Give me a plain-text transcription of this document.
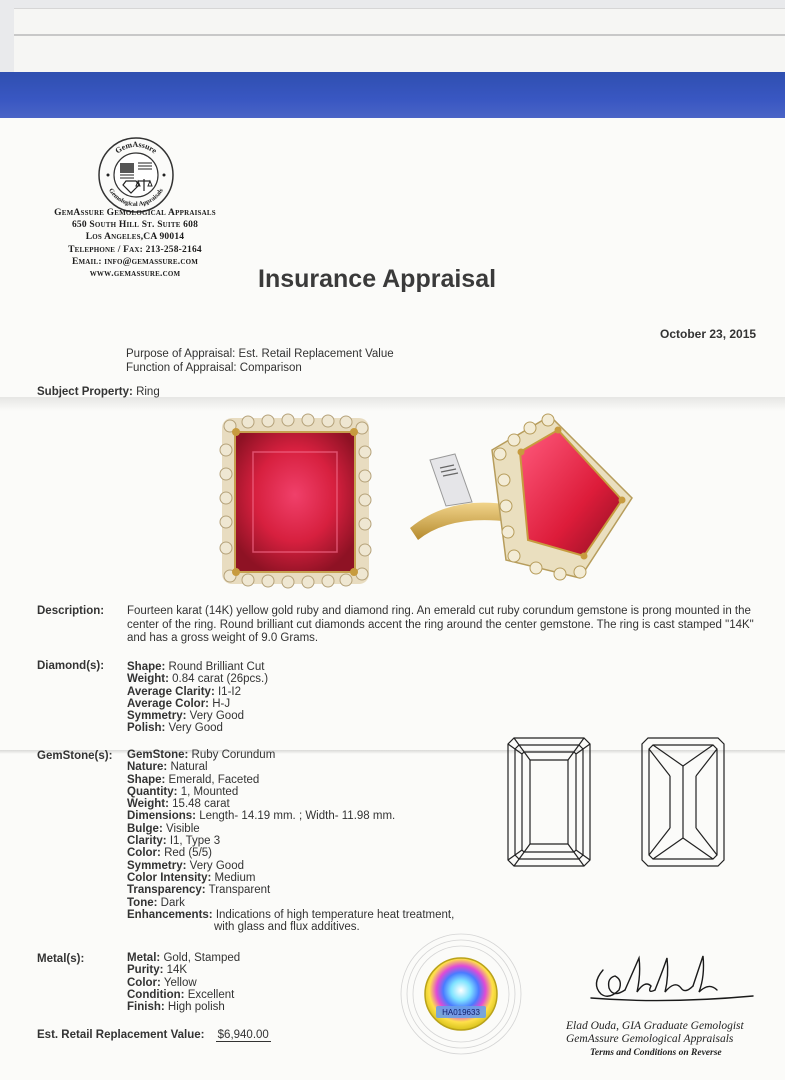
GemAssure
Gemological Appraisals
GemAssure Gemological Appraisals
650 South Hill St. Suite 608
Los Angeles,CA 90014
Telephone / Fax: 213-258-2164
Email: info@gemassure.com
www.gemassure.com	Insurance Appraisal
October 23, 2015
Purpose of Appraisal: Est. Retail Replacement Value
Function of Appraisal: Comparison
Subject Property: Ring
Description: Fourteen karat (14K) yellow gold ruby and diamond ring. An emerald cut ruby corundum gemstone is prong mounted in the center of the ring. Round brilliant cut diamonds accent the ring around the center gemstone. The ring is cast stamped "14K" and has a gross weight of 9.0 Grams.
Diamond(s): Shape: Round Brilliant Cut
Weight: 0.84 carat (26pcs.)
Average Clarity: I1-I2
Average Color: H-J
Symmetry: Very Good
Polish: Very Good
GemStone(s): GemStone: Ruby Corundum
Nature: Natural
Shape: Emerald, Faceted
Quantity: 1, Mounted
Weight: 15.48 carat
Dimensions: Length- 14.19 mm. ; Width- 11.98 mm.
Bulge: Visible
Clarity: I1, Type 3
Color: Red (5/5)
Symmetry: Very Good
Color Intensity: Medium
Transparency: Transparent
Tone: Dark
Enhancements: Indications of high temperature heat treatment,
with glass and flux additives.
Metal(s):	Metal: Gold, Stamped
Purity: 14K
Color: Yellow
Condition: Excellent
Finish: High polish	HA019633
Elad Ouda, GIA Graduate Gemologist
GemAssure Gemological Appraisals
Terms and Conditions on Reverse
Est. Retail Replacement Value: $6,940.00
